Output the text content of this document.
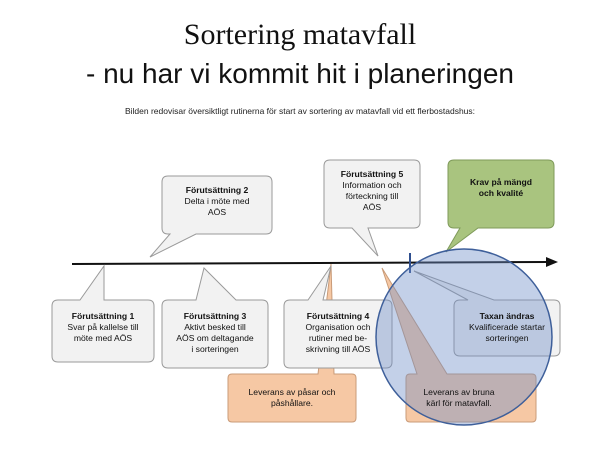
Sortering matavfall
- nu har vi kommit hit i planeringen
Bilden redovisar översiktligt rutinerna för start av sortering av matavfall vid ett flerbostadshus:
Förutsättning 1
Svar på kallelse till
möte med AÖS
Förutsättning 2
Delta i möte med
AÖS
Förutsättning 3
Aktivt besked till
AÖS om deltagande
i sorteringen
Förutsättning 4
Organisation och
rutiner med be-
skrivning till AÖS
Förutsättning 5
Information och
förteckning till
AÖS
Krav på mängd
och kvalité
Taxan ändras
Kvalificerade startar
sorteringen
Leverans av påsar och
påshållare.
Leverans av bruna
kärl för matavfall.
